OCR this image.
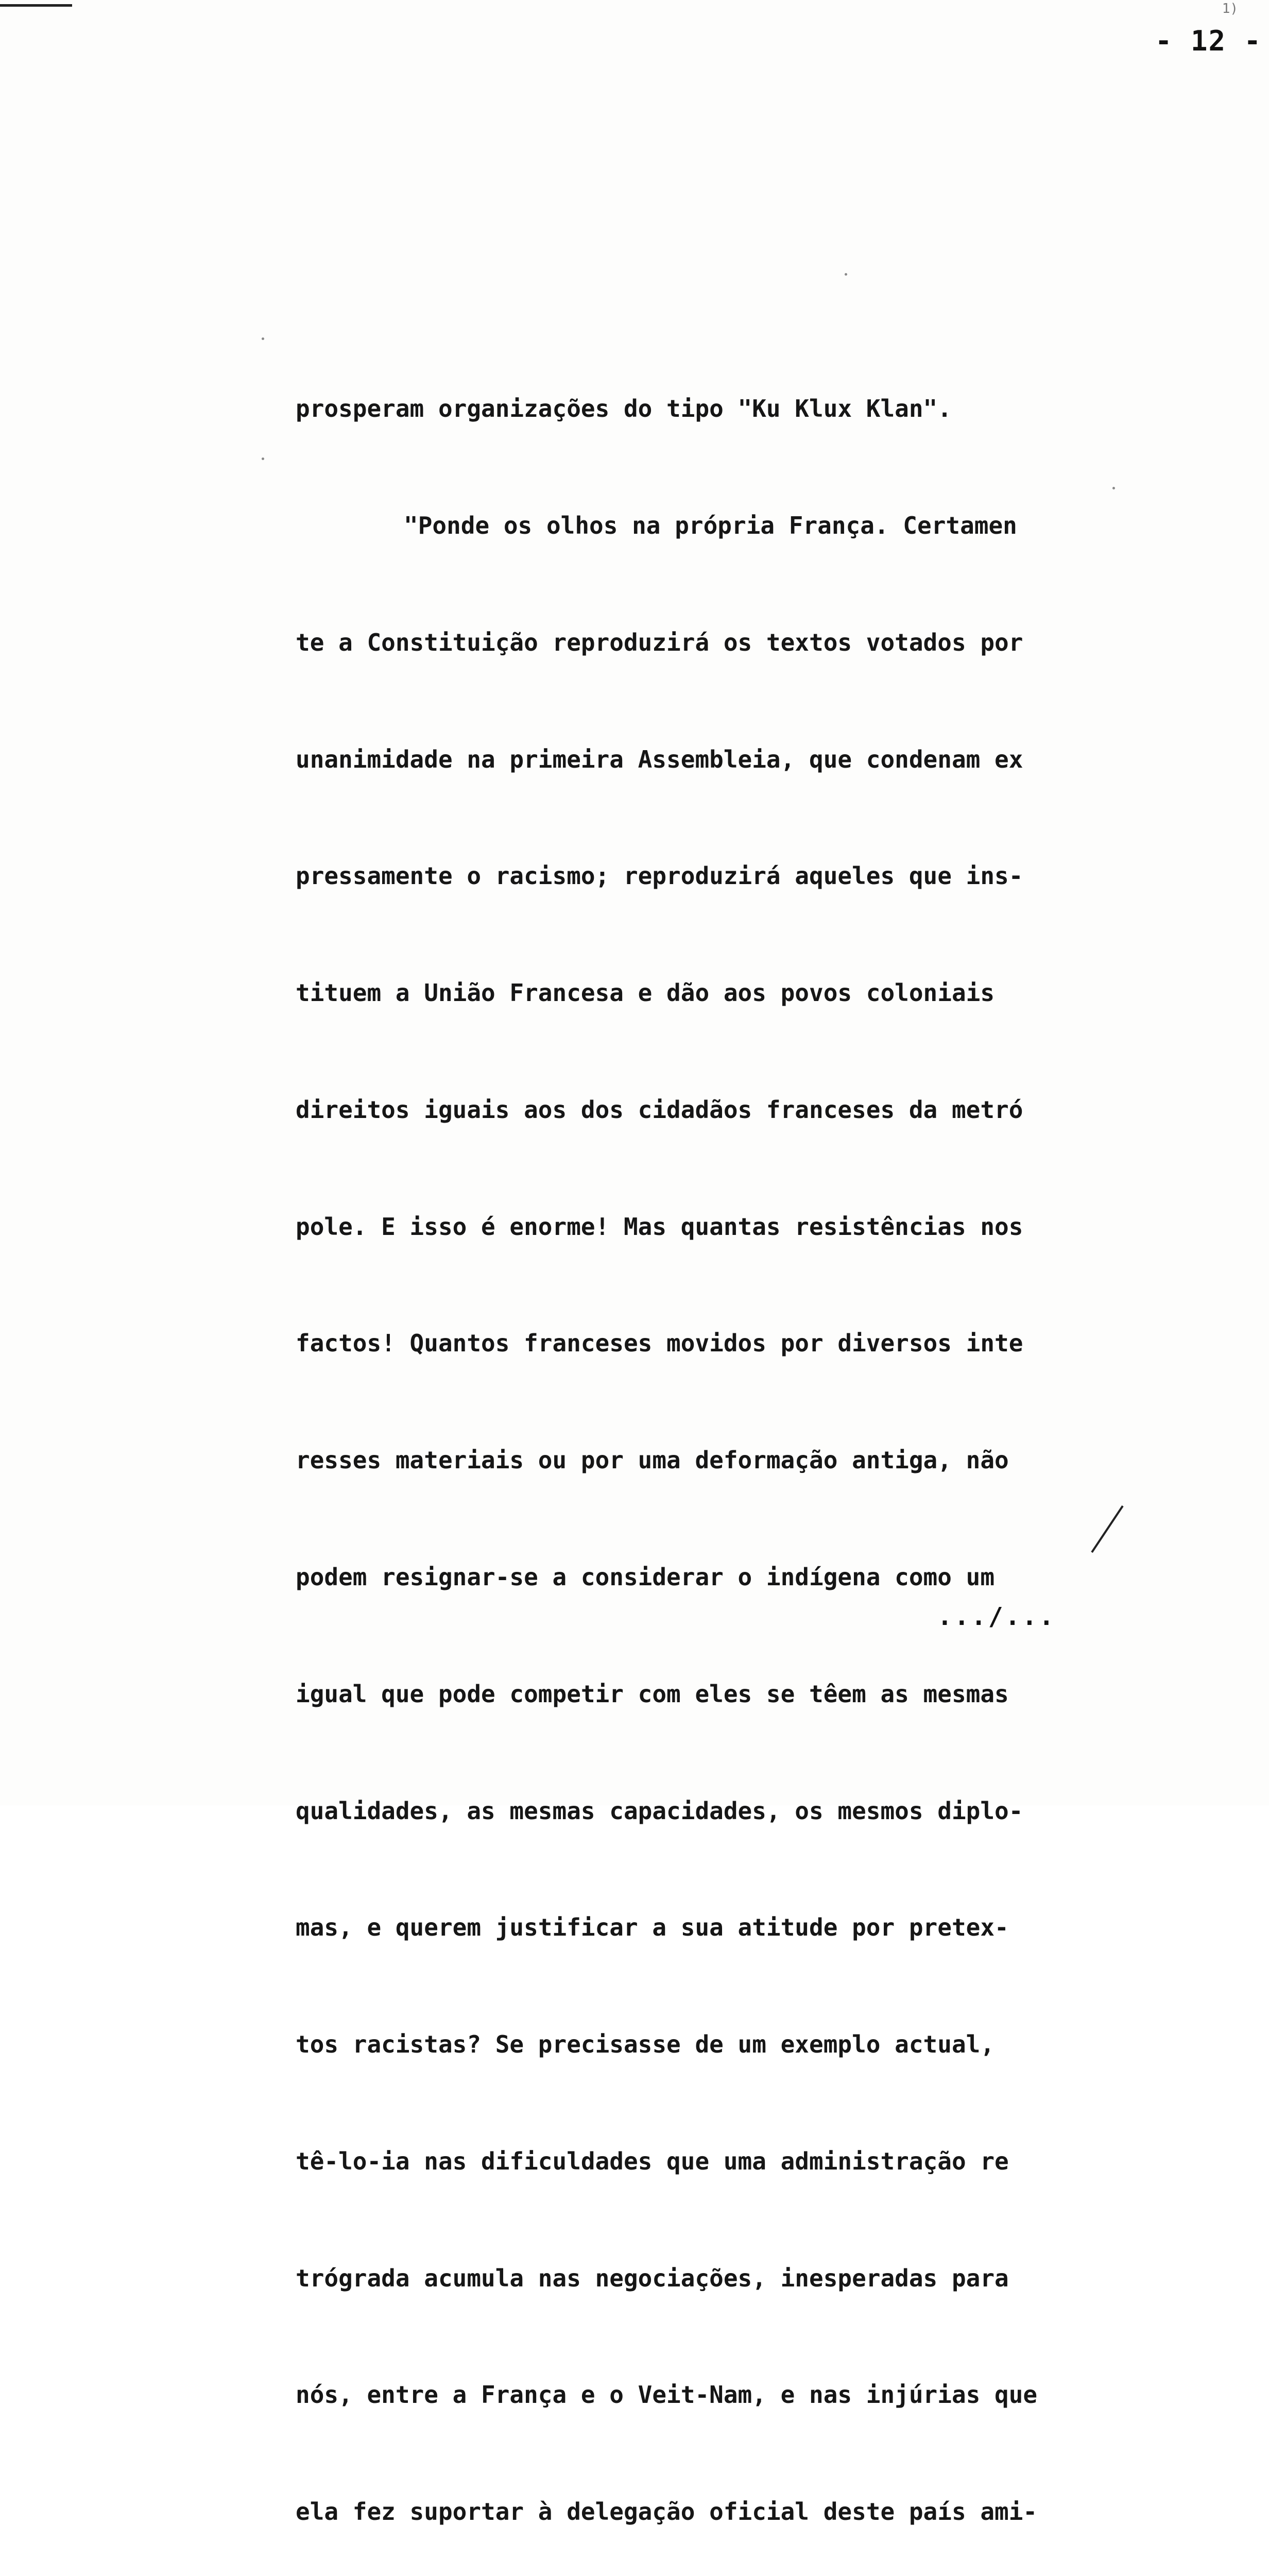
1)
- 12 -

prosperam organizações do tipo "Ku Klux Klan".

"Ponde os olhos na própria França. Certamen

te a Constituição reproduzirá os textos votados por

unanimidade na primeira Assembleia, que condenam ex

pressamente o racismo; reproduzirá aqueles que ins-

tituem a União Francesa e dão aos povos coloniais

direitos iguais aos dos cidadãos franceses da metró

pole. E isso é enorme! Mas quantas resistências nos

factos! Quantos franceses movidos por diversos inte

resses materiais ou por uma deformação antiga, não

podem resignar-se a considerar o indígena como um

igual que pode competir com eles se têem as mesmas

qualidades, as mesmas capacidades, os mesmos diplo-

mas, e querem justificar a sua atitude por pretex-

tos racistas? Se precisasse de um exemplo actual,

tê-lo-ia nas dificuldades que uma administração re

trógrada acumula nas negociações, inesperadas para

nós, entre a França e o Veit-Nam, e nas injúrias que

ela fez suportar à delegação oficial deste país ami-

.../...
